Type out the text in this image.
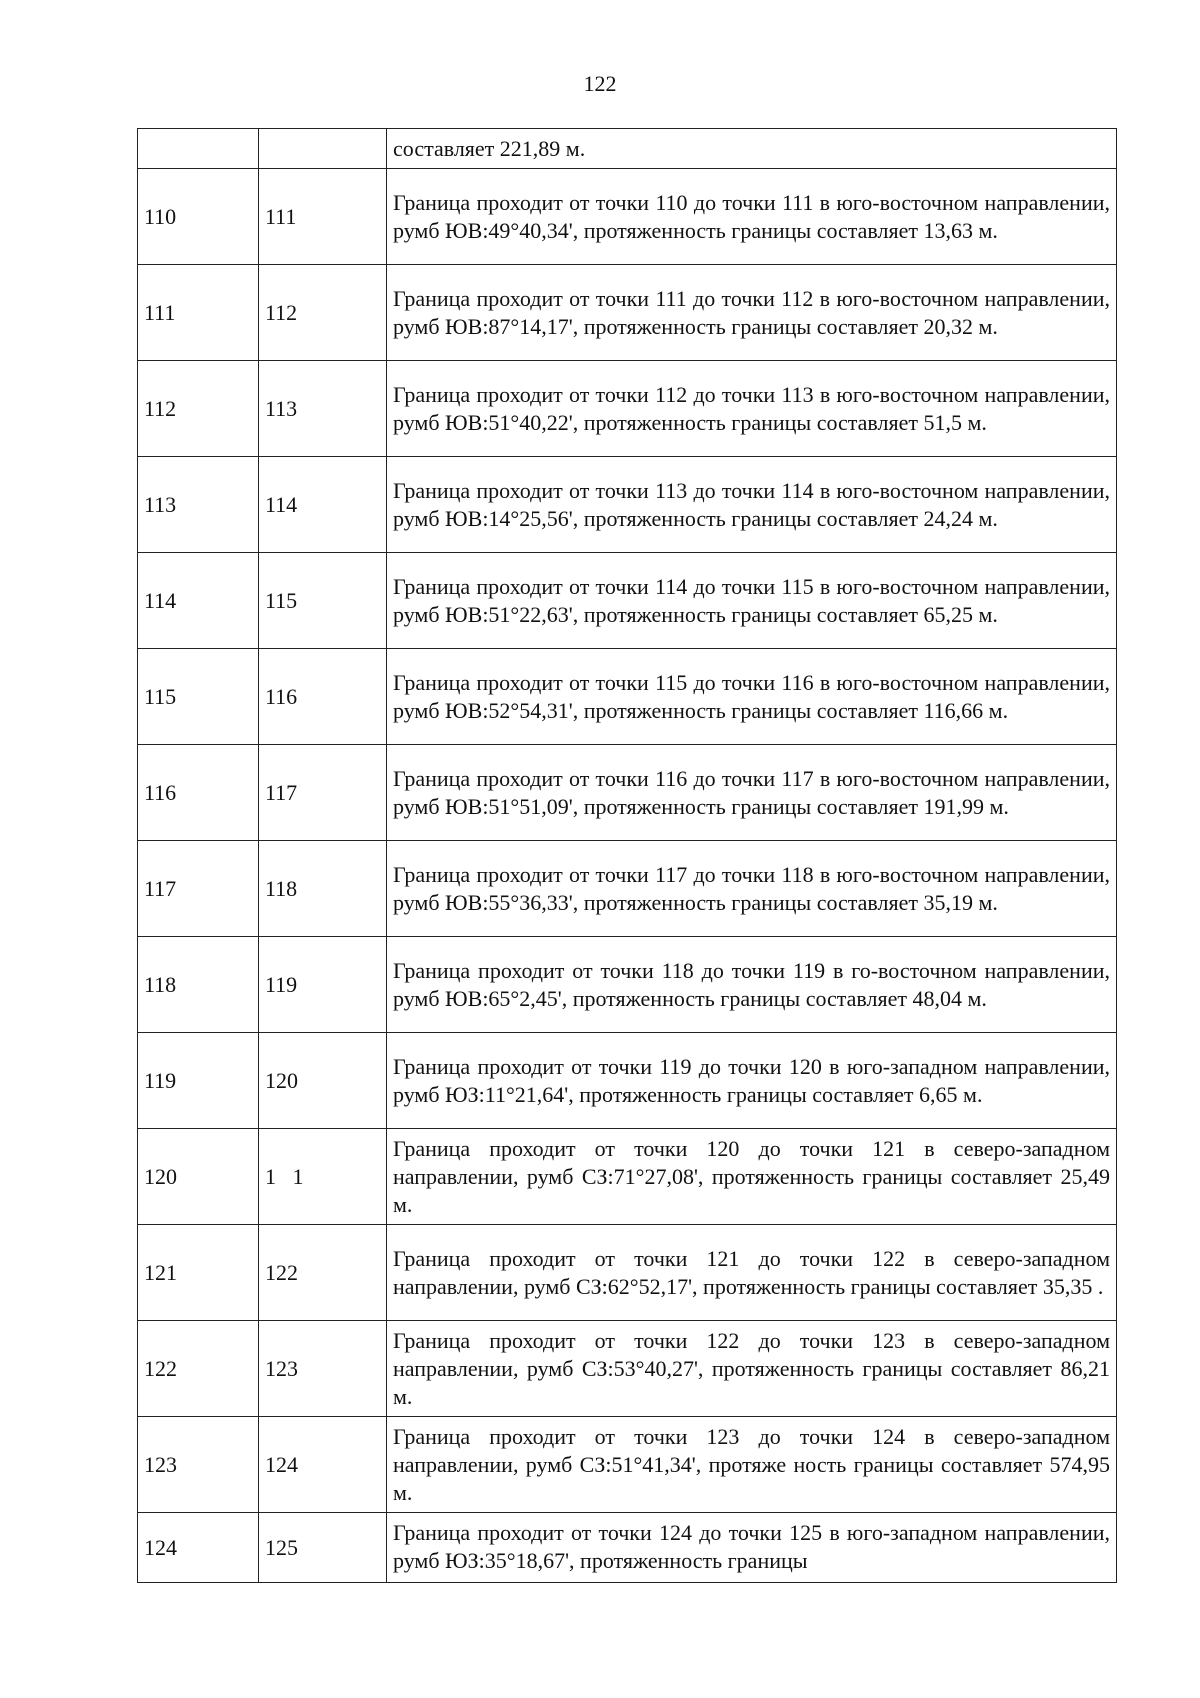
122
		составляет 221,89 м.
110	111	Граница проходит от точки 110 до точки 111 в юго-восточном направлении, румб ЮВ:49°40,34', протяженность границы составляет 13,63 м.
111	112	Граница проходит от точки 111 до точки 112 в юго-восточном направлении, румб ЮВ:87°14,17', протяженность границы составляет 20,32 м.
112	113	Граница проходит от точки 112 до точки 113 в юго-восточном направлении, румб ЮВ:51°40,22', протяженность границы составляет 51,5 м.
113	114	Граница проходит от точки 113 до точки 114 в юго-восточном направлении, румб ЮВ:14°25,56', протяженность границы составляет 24,24 м.
114	115	Граница проходит от точки 114 до точки 115 в юго-восточном направлении, румб ЮВ:51°22,63', протяженность границы составляет 65,25 м.
115	116	Граница проходит от точки 115 до точки 116 в юго-восточном направлении, румб ЮВ:52°54,31', протяженность границы составляет 116,66 м.
116	117	Граница проходит от точки 116 до точки 117 в юго-восточном направлении, румб ЮВ:51°51,09', протяженность границы составляет 191,99 м.
117	118	Граница проходит от точки 117 до точки 118 в юго-восточном направлении, румб ЮВ:55°36,33', протяженность границы составляет 35,19 м.
118	119	Граница проходит от точки 118 до точки 119 в го-восточном направлении, румб ЮВ:65°2,45', протяженность границы составляет 48,04 м.
119	120	Граница проходит от точки 119 до точки 120 в юго-западном направлении, румб ЮЗ:11°21,64', протяженность границы составляет 6,65 м.
120	1   1	Граница проходит от точки 120 до точки 121 в северо-западном направлении, румб СЗ:71°27,08', протяженность границы составляет 25,49 м.
121	122	Граница проходит от точки 121 до точки 122 в северо-западном направлении, румб СЗ:62°52,17', протяженность границы составляет 35,35 .
122	123	Граница проходит от точки 122 до точки 123 в северо-западном направлении, румб СЗ:53°40,27', протяженность границы составляет 86,21 м.
123	124	Граница проходит от точки 123 до точки 124 в северо-западном направлении, румб СЗ:51°41,34', протяже ность границы составляет 574,95 м.
124	125	Граница проходит от точки 124 до точки 125 в юго-западном направлении, румб ЮЗ:35°18,67', протяженность границы
